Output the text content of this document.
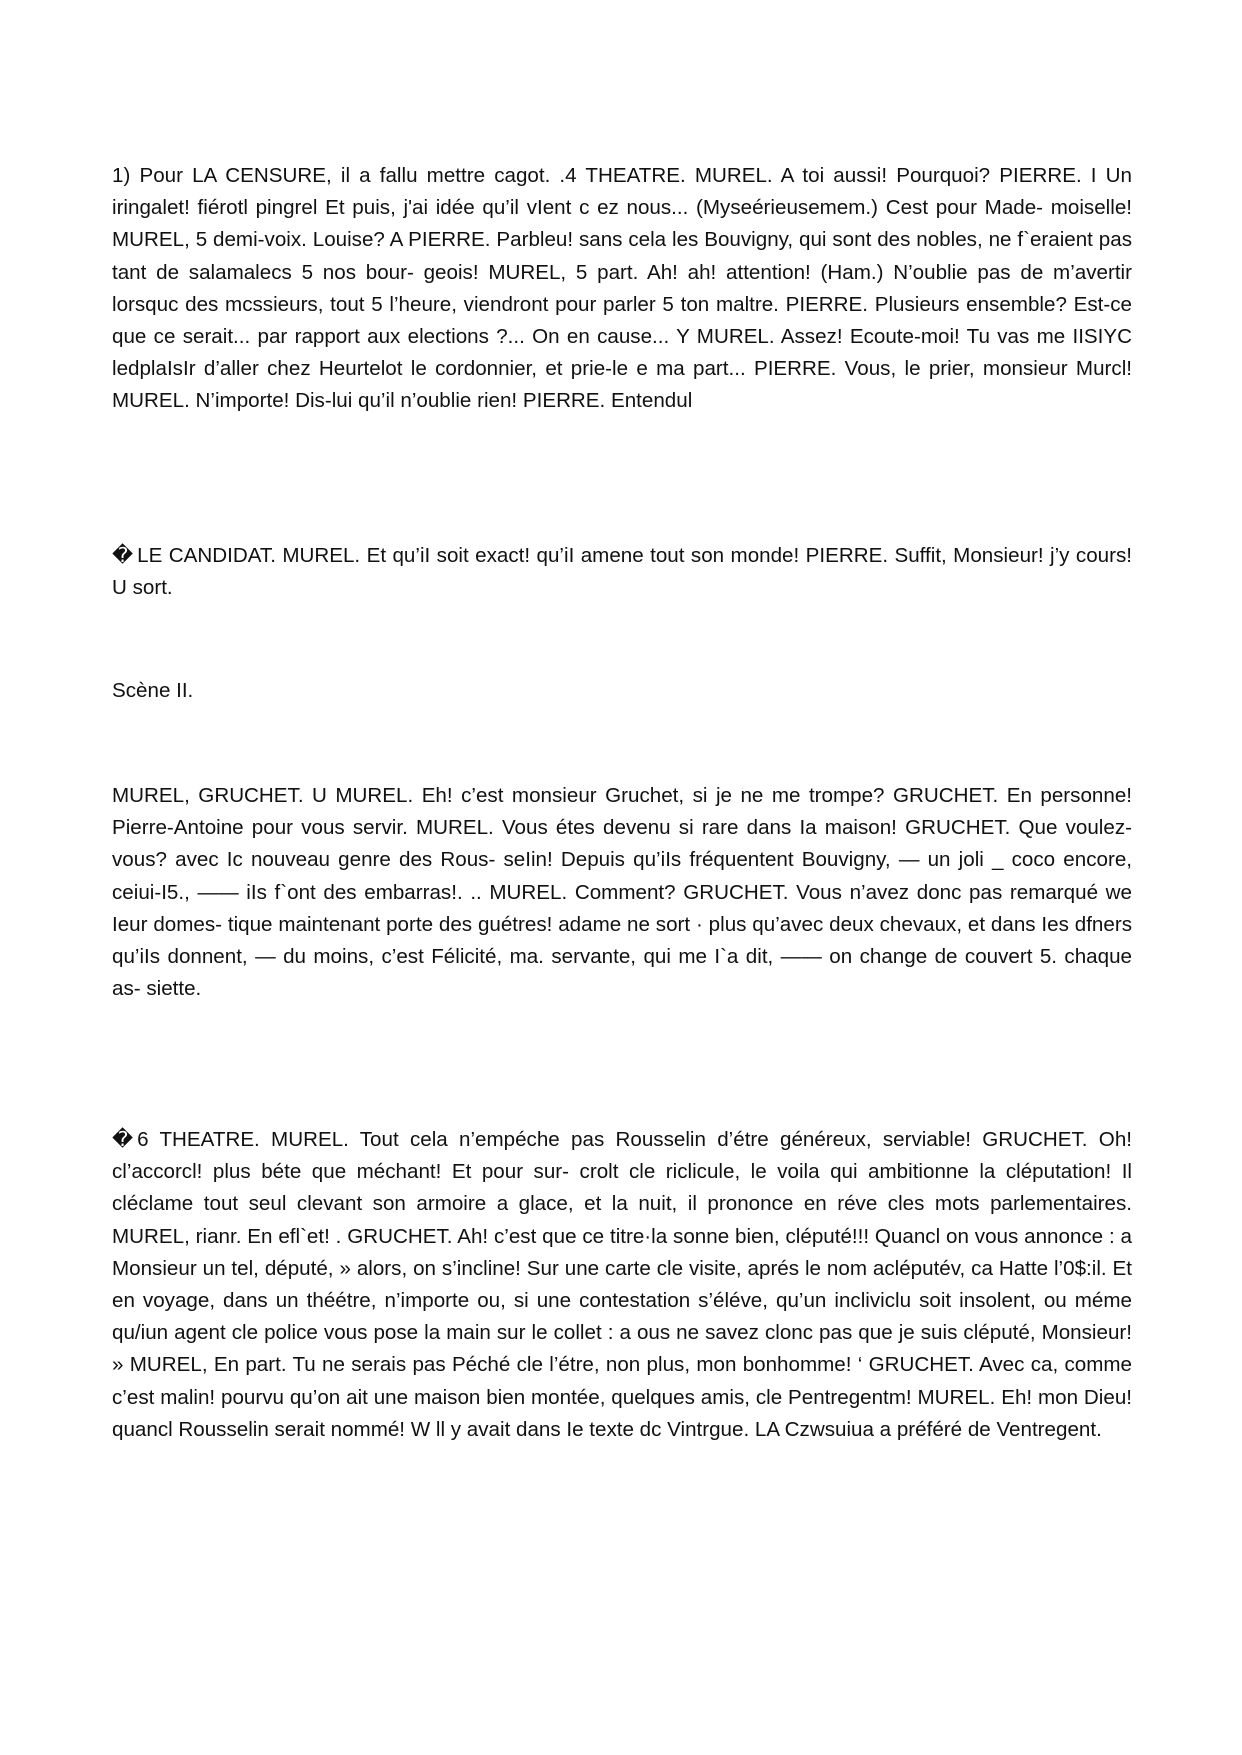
1) Pour LA CENSURE, il a fallu mettre cagot. .4 THEATRE. MUREL. A toi aussi! Pourquoi? PIERRE. I Un iringalet! fiérotl pingrel Et puis, j'ai idée qu’il vIent c ez nous... (Myseérieusemem.) Cest pour Made- moiselle! MUREL, 5 demi-voix. Louise? A PIERRE. Parbleu! sans cela les Bouvigny, qui sont des nobles, ne f`eraient pas tant de salamalecs 5 nos bour- geois! MUREL, 5 part. Ah! ah! attention! (Ham.) N’oublie pas de m’avertir lorsquc des mcssieurs, tout 5 l’heure, viendront pour parler 5 ton maltre. PIERRE. Plusieurs ensemble? Est-ce que ce serait... par rapport aux elections ?... On en cause... Y MUREL. Assez! Ecoute-moi! Tu vas me IISIYC ledplaIsIr d’aller chez Heurtelot le cordonnier, et prie-le e ma part... PIERRE. Vous, le prier, monsieur Murcl! MUREL. N’importe! Dis-lui qu’il n’oublie rien! PIERRE. Entendul

� LE CANDIDAT. MUREL. Et qu’iI soit exact! qu’iI amene tout son monde! PIERRE. Suffit, Monsieur! j’y cours! U sort.

Scène II.

MUREL, GRUCHET. U MUREL. Eh! c’est monsieur Gruchet, si je ne me trompe? GRUCHET. En personne! Pierre-Antoine pour vous servir. MUREL. Vous étes devenu si rare dans Ia maison! GRUCHET. Que voulez-vous? avec Ic nouveau genre des Rous- seIin! Depuis qu’iIs fréquentent Bouvigny, — un joli _ coco encore, ceiui-I5., —— iIs f`ont des embarras!. .. MUREL. Comment? GRUCHET. Vous n’avez donc pas remarqué we Ieur domes- tique maintenant porte des guétres! adame ne sort · plus qu’avec deux chevaux, et dans Ies dfners qu’iIs donnent, — du moins, c’est Félicité, ma. servante, qui me I`a dit, —— on change de couvert 5. chaque as- siette.

� 6 THEATRE. MUREL. Tout cela n’empéche pas Rousselin d’étre généreux, serviable! GRUCHET. Oh! cl’accorcl! plus béte que méchant! Et pour sur- crolt cle riclicule, le voila qui ambitionne la cléputation! Il cléclame tout seul clevant son armoire a glace, et la nuit, il prononce en réve cles mots parlementaires. MUREL, rianr. En efl`et! . GRUCHET. Ah! c’est que ce titre·la sonne bien, cléputé!!! Quancl on vous annonce : a Monsieur un tel, député, » alors, on s’incline! Sur une carte cle visite, aprés le nom acléputév, ca Hatte l’0$:il. Et en voyage, dans un théétre, n’importe ou, si une contestation s’éléve, qu’un incliviclu soit insolent, ou méme qu/iun agent cle police vous pose la main sur le collet : a ous ne savez clonc pas que je suis cléputé, Monsieur! » MUREL, En part. Tu ne serais pas Péché cle l’étre, non plus, mon bonhomme! ‘ GRUCHET. Avec ca, comme c’est malin! pourvu qu’on ait une maison bien montée, quelques amis, cle Pentregentm! MUREL. Eh! mon Dieu! quancl Rousselin serait nommé! W ll y avait dans Ie texte dc Vintrgue. LA Czwsuiua a préféré de Ventregent.
